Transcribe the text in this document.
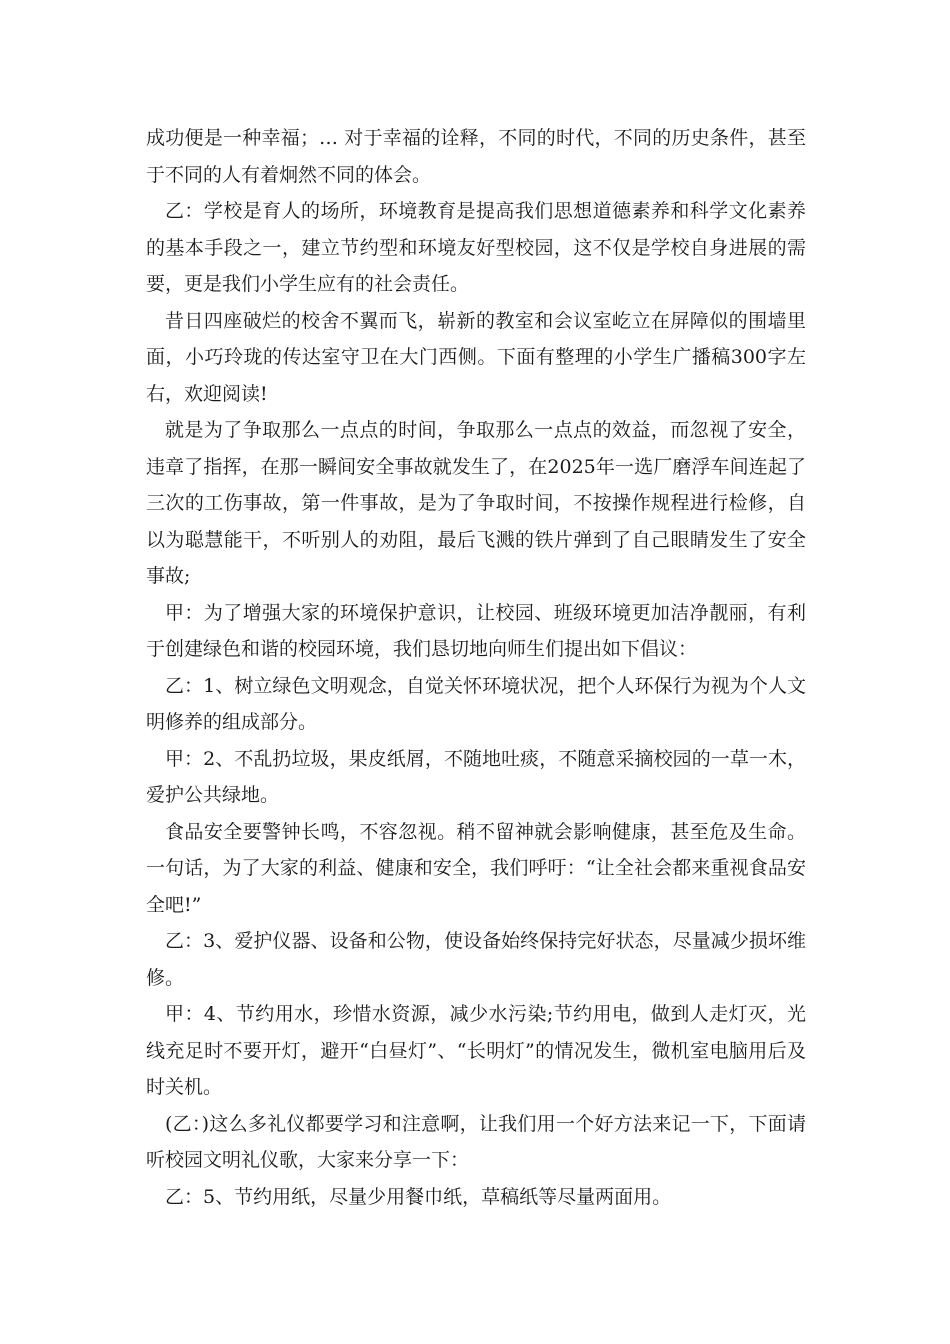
成功便是一种幸福；… 对于幸福的诠释，不同的时代，不同的历史条件，甚至于不同的人有着炯然不同的体会。

乙：学校是育人的场所，环境教育是提高我们思想道德素养和科学文化素养的基本手段之一，建立节约型和环境友好型校园，这不仅是学校自身进展的需要，更是我们小学生应有的社会责任。

昔日四座破烂的校舍不翼而飞，崭新的教室和会议室屹立在屏障似的围墙里面，小巧玲珑的传达室守卫在大门西侧。下面有整理的小学生广播稿300字左右，欢迎阅读!

就是为了争取那么一点点的时间，争取那么一点点的效益，而忽视了安全，违章了指挥，在那一瞬间安全事故就发生了，在2025年一选厂磨浮车间连起了三次的工伤事故，第一件事故，是为了争取时间，不按操作规程进行检修，自以为聪慧能干，不听别人的劝阻，最后飞溅的铁片弹到了自己眼睛发生了安全事故;

甲：为了增强大家的环境保护意识，让校园、班级环境更加洁净靓丽，有利于创建绿色和谐的校园环境，我们恳切地向师生们提出如下倡议：

乙：1、树立绿色文明观念，自觉关怀环境状况，把个人环保行为视为个人文明修养的组成部分。

甲：2、不乱扔垃圾，果皮纸屑，不随地吐痰，不随意采摘校园的一草一木，爱护公共绿地。

食品安全要警钟长鸣，不容忽视。稍不留神就会影响健康，甚至危及生命。一句话，为了大家的利益、健康和安全，我们呼吁：“让全社会都来重视食品安全吧!”

乙：3、爱护仪器、设备和公物，使设备始终保持完好状态，尽量减少损坏维修。

甲：4、节约用水，珍惜水资源，减少水污染;节约用电，做到人走灯灭，光线充足时不要开灯，避开“白昼灯”、“长明灯”的情况发生，微机室电脑用后及时关机。

(乙：)这么多礼仪都要学习和注意啊，让我们用一个好方法来记一下，下面请听校园文明礼仪歌，大家来分享一下：

乙：5、节约用纸，尽量少用餐巾纸，草稿纸等尽量两面用。
